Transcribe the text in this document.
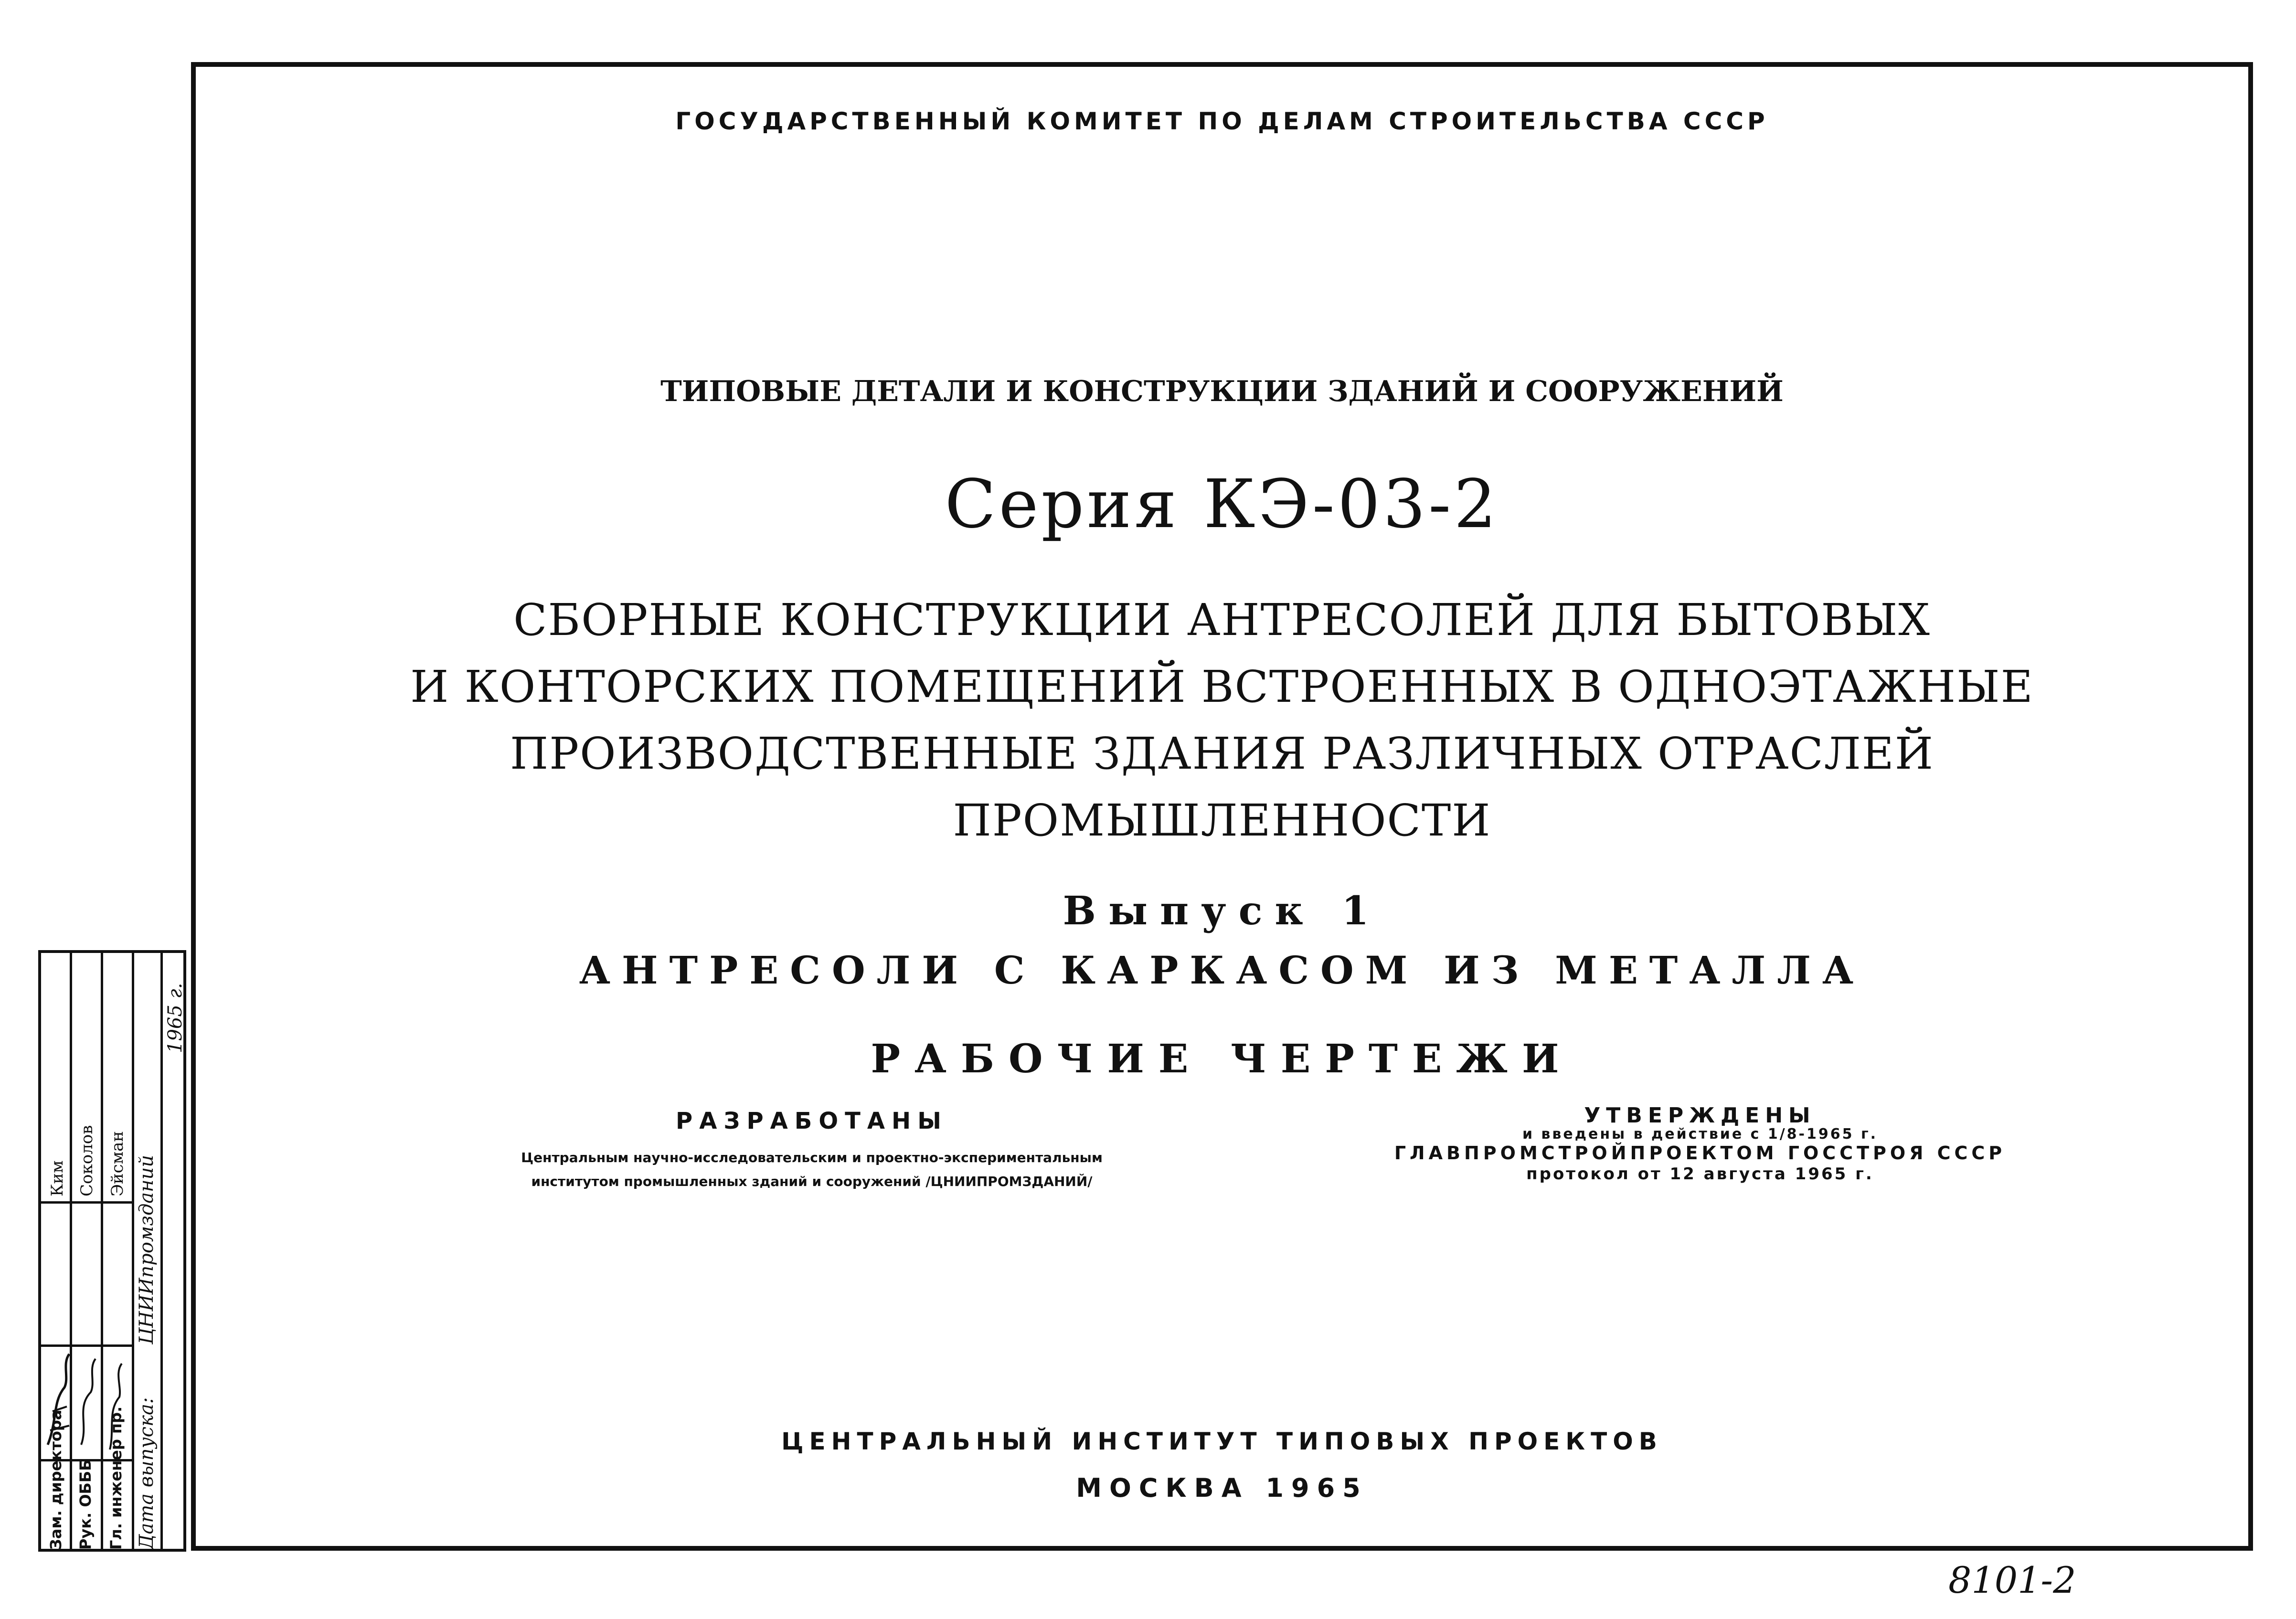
ГОСУДАРСТВЕННЫЙ КОМИТЕТ ПО ДЕЛАМ СТРОИТЕЛЬСТВА СССР
ТИПОВЫЕ ДЕТАЛИ И КОНСТРУКЦИИ ЗДАНИЙ И СООРУЖЕНИЙ
Серия КЭ-03-2
СБОРНЫЕ КОНСТРУКЦИИ АНТРЕСОЛЕЙ ДЛЯ БЫТОВЫХ
И КОНТОРСКИХ ПОМЕЩЕНИЙ ВСТРОЕННЫХ В ОДНОЭТАЖНЫЕ
ПРОИЗВОДСТВЕННЫЕ ЗДАНИЯ РАЗЛИЧНЫХ ОТРАСЛЕЙ
ПРОМЫШЛЕННОСТИ
Выпуск 1
АНТРЕСОЛИ С КАРКАСОМ ИЗ МЕТАЛЛА
РАБОЧИЕ ЧЕРТЕЖИ
РАЗРАБОТАНЫ
Центральным научно-исследовательским и проектно-экспериментальным
институтом промышленных зданий и сооружений /ЦНИИПРОМЗДАНИЙ/
УТВЕРЖДЕНЫ
и введены в действие с 1/8-1965 г.
ГЛАВПРОМСТРОЙПРОЕКТОМ ГОССТРОЯ СССР
протокол от 12 августа 1965 г.
ЦЕНТРАЛЬНЫЙ ИНСТИТУТ ТИПОВЫХ ПРОЕКТОВ
МОСКВА 1965
Зам. директора Рук. ОБББ Гл. инженер пр. Дата выпуска:
Ким Соколов Эйсман ЦНИИпромзданий
1965 г.
8101-2
